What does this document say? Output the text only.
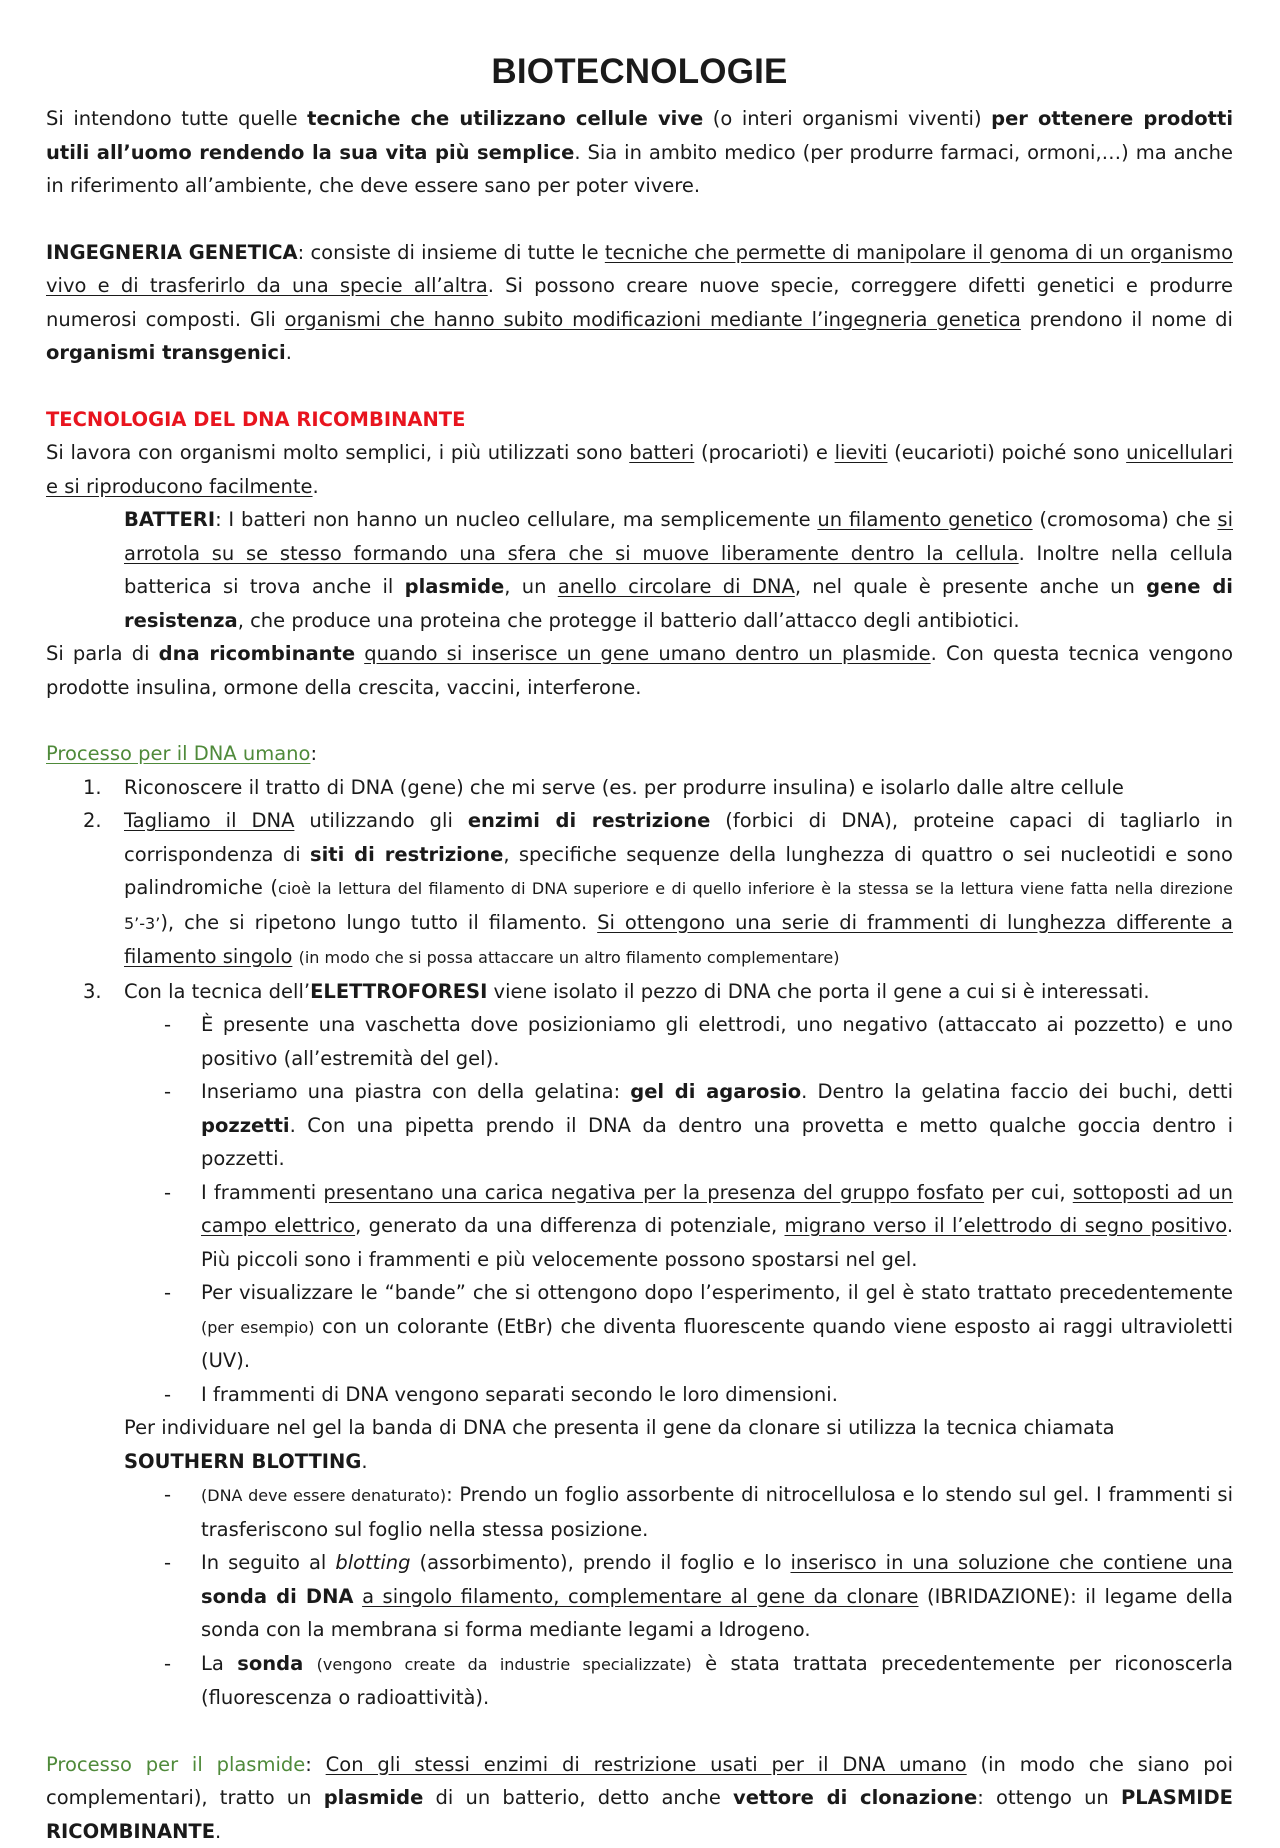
BIOTECNOLOGIE

Si intendono tutte quelle tecniche che utilizzano cellule vive (o interi organismi viventi) per ottenere prodotti utili all’uomo rendendo la sua vita più semplice. Sia in ambito medico (per produrre farmaci, ormoni,…) ma anche in riferimento all’ambiente, che deve essere sano per poter vivere.

INGEGNERIA GENETICA: consiste di insieme di tutte le tecniche che permette di manipolare il genoma di un organismo vivo e di trasferirlo da una specie all’altra. Si possono creare nuove specie, correggere difetti genetici e produrre numerosi composti. Gli organismi che hanno subito modificazioni mediante l’ingegneria genetica prendono il nome di organismi transgenici.

TECNOLOGIA DEL DNA RICOMBINANTE

Si lavora con organismi molto semplici, i più utilizzati sono batteri (procarioti) e lieviti (eucarioti) poiché sono unicellulari e si riproducono facilmente.

BATTERI: I batteri non hanno un nucleo cellulare, ma semplicemente un filamento genetico (cromosoma) che si arrotola su se stesso formando una sfera che si muove liberamente dentro la cellula. Inoltre nella cellula batterica si trova anche il plasmide, un anello circolare di DNA, nel quale è presente anche un gene di resistenza, che produce una proteina che protegge il batterio dall’attacco degli antibiotici.

Si parla di dna ricombinante quando si inserisce un gene umano dentro un plasmide. Con questa tecnica vengono prodotte insulina, ormone della crescita, vaccini, interferone.

Processo per il DNA umano:

1. Riconoscere il tratto di DNA (gene) che mi serve (es. per produrre insulina) e isolarlo dalle altre cellule
2. Tagliamo il DNA utilizzando gli enzimi di restrizione (forbici di DNA), proteine capaci di tagliarlo in corrispondenza di siti di restrizione, specifiche sequenze della lunghezza di quattro o sei nucleotidi e sono palindromiche (cioè la lettura del filamento di DNA superiore e di quello inferiore è la stessa se la lettura viene fatta nella direzione 5’-3’), che si ripetono lungo tutto il filamento. Si ottengono una serie di frammenti di lunghezza differente a filamento singolo (in modo che si possa attaccare un altro filamento complementare)
3. Con la tecnica dell’ELETTROFORESI viene isolato il pezzo di DNA che porta il gene a cui si è interessati.
- È presente una vaschetta dove posizioniamo gli elettrodi, uno negativo (attaccato ai pozzetto) e uno positivo (all’estremità del gel).
- Inseriamo una piastra con della gelatina: gel di agarosio. Dentro la gelatina faccio dei buchi, detti pozzetti. Con una pipetta prendo il DNA da dentro una provetta e metto qualche goccia dentro i pozzetti.
- I frammenti presentano una carica negativa per la presenza del gruppo fosfato per cui, sottoposti ad un campo elettrico, generato da una differenza di potenziale, migrano verso il l’elettrodo di segno positivo. Più piccoli sono i frammenti e più velocemente possono spostarsi nel gel.
- Per visualizzare le “bande” che si ottengono dopo l’esperimento, il gel è stato trattato precedentemente (per esempio) con un colorante (EtBr) che diventa fluorescente quando viene esposto ai raggi ultravioletti (UV).
- I frammenti di DNA vengono separati secondo le loro dimensioni.

Per individuare nel gel la banda di DNA che presenta il gene da clonare si utilizza la tecnica chiamata SOUTHERN BLOTTING.

- (DNA deve essere denaturato): Prendo un foglio assorbente di nitrocellulosa e lo stendo sul gel. I frammenti si trasferiscono sul foglio nella stessa posizione.
- In seguito al blotting (assorbimento), prendo il foglio e lo inserisco in una soluzione che contiene una sonda di DNA a singolo filamento, complementare al gene da clonare (IBRIDAZIONE): il legame della sonda con la membrana si forma mediante legami a Idrogeno.
- La sonda (vengono create da industrie specializzate) è stata trattata precedentemente per riconoscerla (fluorescenza o radioattività).

Processo per il plasmide: Con gli stessi enzimi di restrizione usati per il DNA umano (in modo che siano poi complementari), tratto un plasmide di un batterio, detto anche vettore di clonazione: ottengo un PLASMIDE RICOMBINANTE.
